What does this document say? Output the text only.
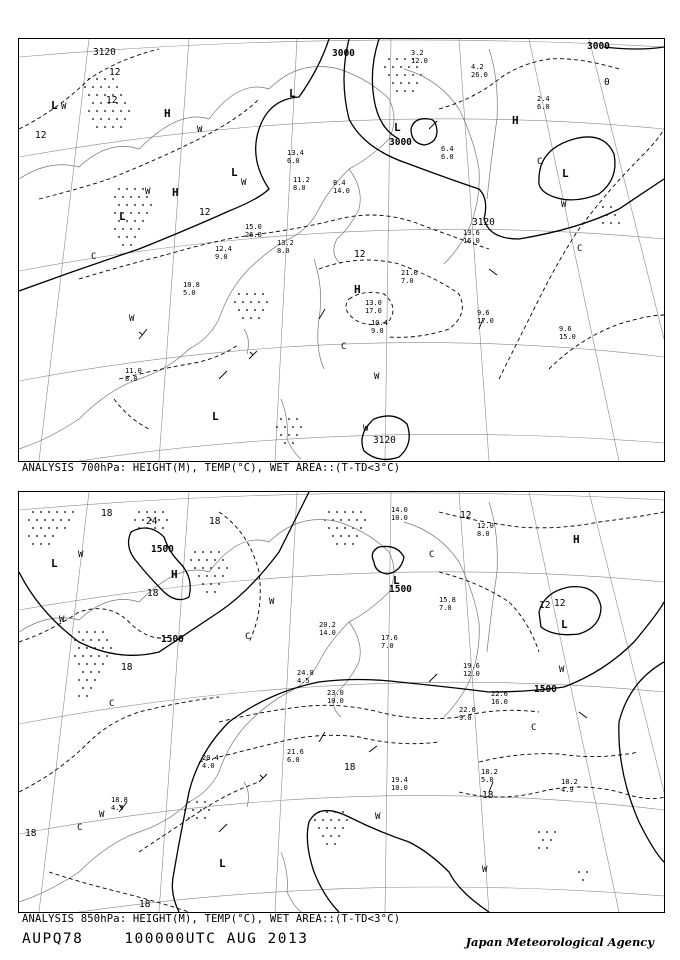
L
H
H
L
L
L
H
L
H
L
L
W
W
W
W
W
W
W
W
C
C
C
C
3120	3000
3000
3000
3120
3120
12
12
12
12
0
12
3.2
12.0
4.2
26.0
13.4
6.0
8.4
14.0
11.2
8.0
15.0
26.0
13.2
8.0
12.4
9.0
10.8
5.0
13.0
17.0	9.6
17.0
9.6
15.0
10.4
9.0
11.0
8.0
13.6
16.0
21.0
7.0
2.4
6.0
6.4
6.0
ANALYSIS 700hPa: HEIGHT(M), TEMP(°C), WET AREA::(T-TD<3°C)
L
H	L
H
L
L
W
W
W
W	W
W
W
C
C
C
C
C
18
24	18
1500
18
1500
18
12
12
18
1500
18
18
18
1500
12
14.0
10.0
12.0
8.0
20.2
14.0
24.8
4.5
23.0
10.0
20.4
4.0
22.6
16.0
22.0
9.0
19.6
12.0
18.2
5.0	18.2
4.9
19.4
10.0
21.6
6.0
18.8
4.9
17.6
7.0
15.8
7.0
ANALYSIS 850hPa: HEIGHT(M), TEMP(°C), WET AREA::(T-TD<3°C)
AUPQ78	100000UTC AUG 2013	Japan Meteorological Agency
